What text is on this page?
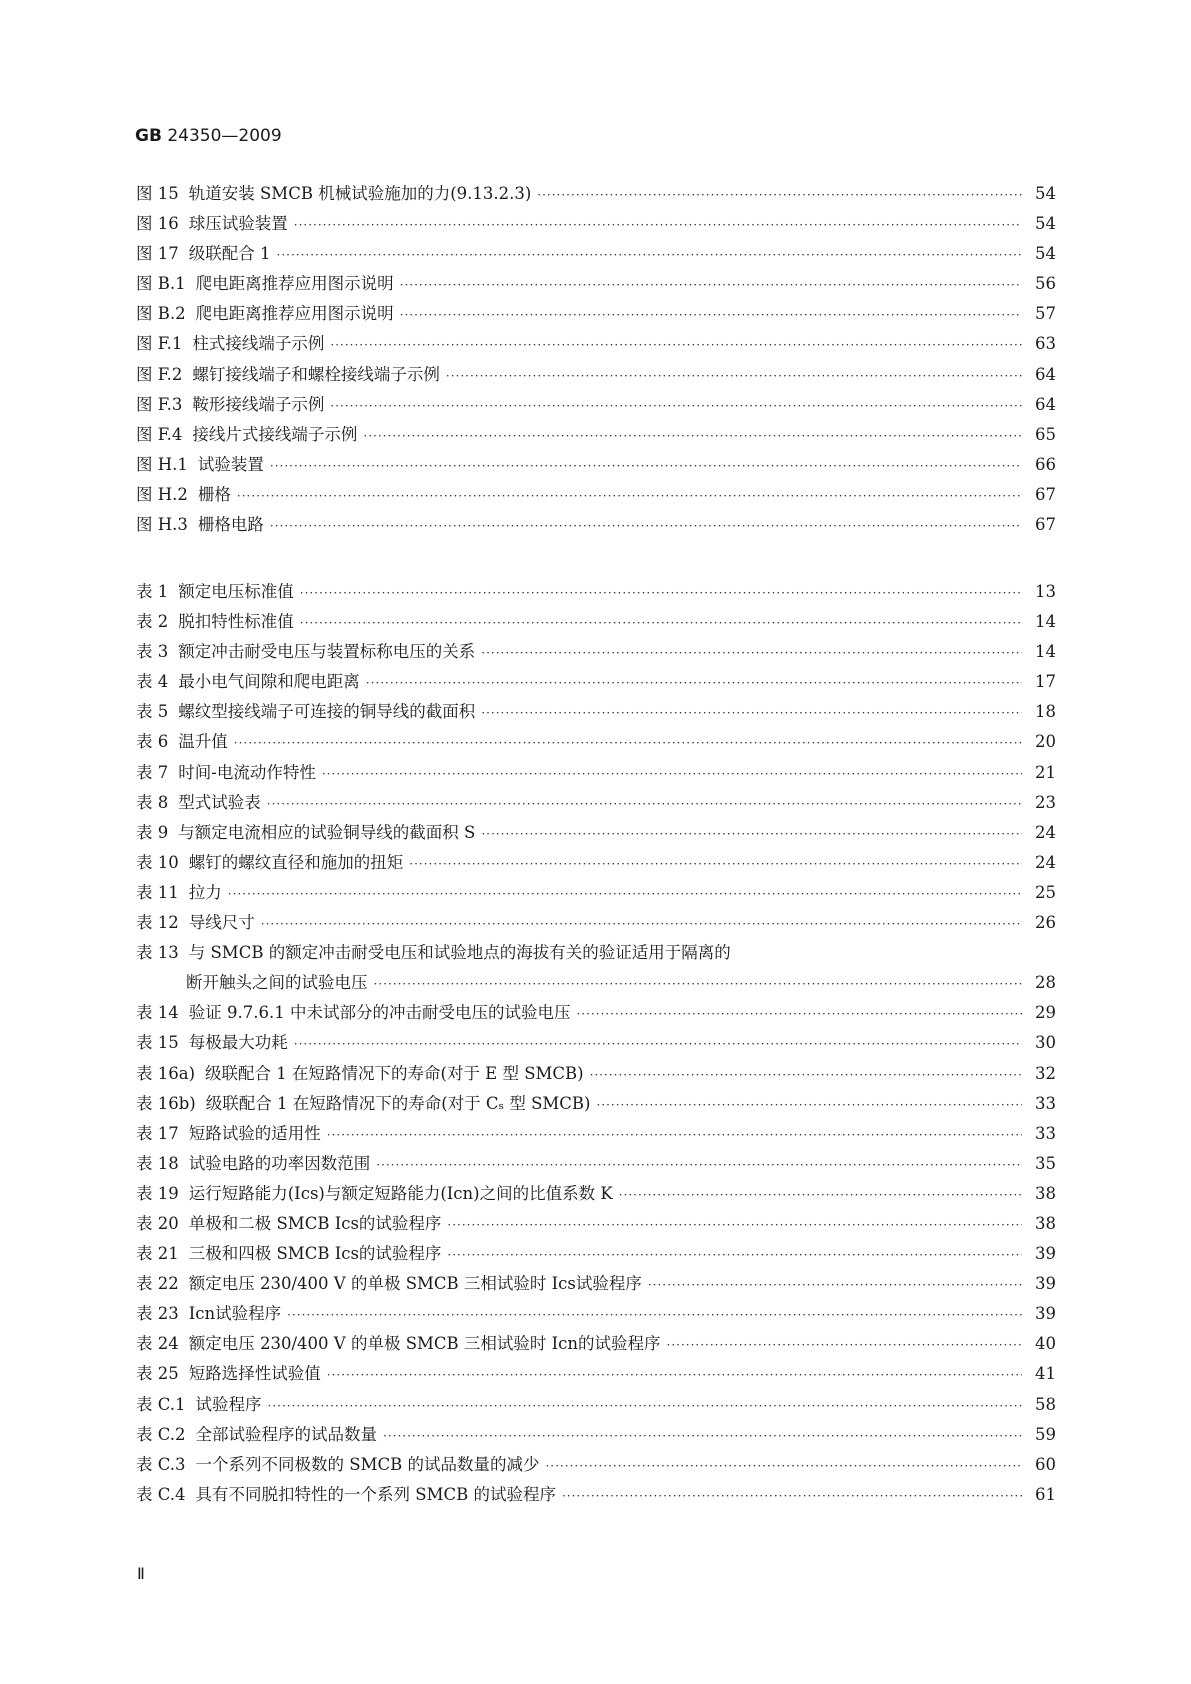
GB 24350—2009
图 15 轨道安装 SMCB 机械试验施加的力(9.13.2.3) ·····	54
图 16 球压试验装置 ·····	54
图 17 级联配合 1 ·····	54
图 B.1 爬电距离推荐应用图示说明 ·····	56
图 B.2 爬电距离推荐应用图示说明 ·····	57
图 F.1 柱式接线端子示例 ·····	63
图 F.2 螺钉接线端子和螺栓接线端子示例 ·····	64
图 F.3 鞍形接线端子示例 ·····	64
图 F.4 接线片式接线端子示例 ·····	65
图 H.1 试验装置 ·····	66
图 H.2 栅格 ·····	67
图 H.3 栅格电路 ·····	67
表 1 额定电压标准值 ·····	13
表 2 脱扣特性标准值 ·····	14
表 3 额定冲击耐受电压与装置标称电压的关系 ·····	14
表 4 最小电气间隙和爬电距离 ·····	17
表 5 螺纹型接线端子可连接的铜导线的截面积 ·····	18
表 6 温升值 ·····	20
表 7 时间-电流动作特性 ·····	21
表 8 型式试验表 ·····	23
表 9 与额定电流相应的试验铜导线的截面积 S ·····	24
表 10 螺钉的螺纹直径和施加的扭矩 ·····	24
表 11 拉力 ·····	25
表 12 导线尺寸 ·····	26
表 13 与 SMCB 的额定冲击耐受电压和试验地点的海拔有关的验证适用于隔离的
断开触头之间的试验电压 ·····	28
表 14 验证 9.7.6.1 中未试部分的冲击耐受电压的试验电压 ·····	29
表 15 每极最大功耗 ·····	30
表 16a) 级联配合 1 在短路情况下的寿命(对于 E 型 SMCB) ·····	32
表 16b) 级联配合 1 在短路情况下的寿命(对于 Cₛ 型 SMCB) ·····	33
表 17 短路试验的适用性 ·····	33
表 18 试验电路的功率因数范围 ·····	35
表 19 运行短路能力(Ics)与额定短路能力(Icn)之间的比值系数 K ·····	38
表 20 单极和二极 SMCB Ics的试验程序 ·····	38
表 21 三极和四极 SMCB Ics的试验程序 ·····	39
表 22 额定电压 230/400 V 的单极 SMCB 三相试验时 Ics试验程序 ·····	39
表 23 Icn试验程序 ·····	39
表 24 额定电压 230/400 V 的单极 SMCB 三相试验时 Icn的试验程序 ·····	40
表 25 短路选择性试验值 ·····	41
表 C.1 试验程序 ·····	58
表 C.2 全部试验程序的试品数量 ·····	59
表 C.3 一个系列不同极数的 SMCB 的试品数量的减少 ·····	60
表 C.4 具有不同脱扣特性的一个系列 SMCB 的试验程序 ·····	61
Ⅱ
